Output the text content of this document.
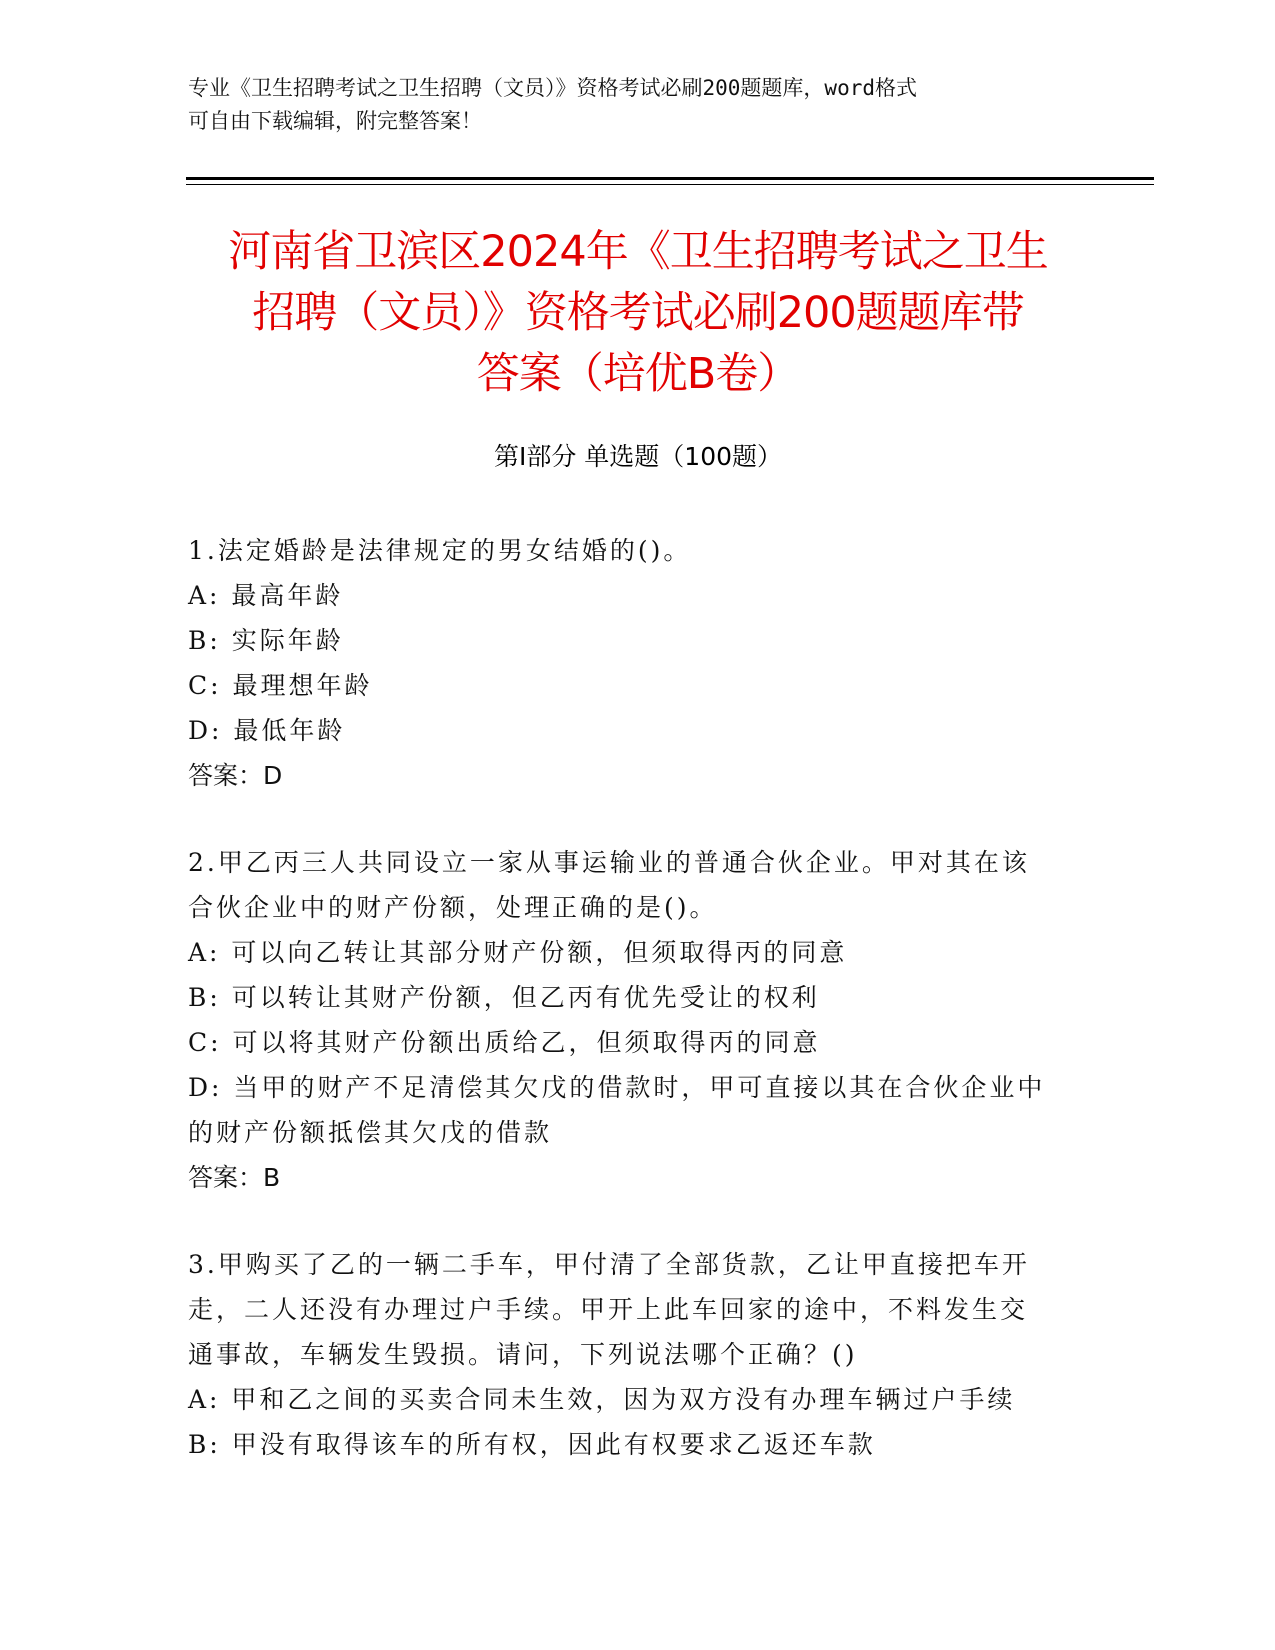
专业《卫生招聘考试之卫生招聘（文员）》资格考试必刷200题题库，word格式
可自由下载编辑，附完整答案！
河南省卫滨区2024年《卫生招聘考试之卫生
招聘（文员）》资格考试必刷200题题库带
答案（培优B卷）
第I部分 单选题（100题）
1.法定婚龄是法律规定的男女结婚的()。
A: 最高年龄
B: 实际年龄
C: 最理想年龄
D: 最低年龄
答案：D
2.甲乙丙三人共同设立一家从事运输业的普通合伙企业。甲对其在该
合伙企业中的财产份额，处理正确的是()。
A: 可以向乙转让其部分财产份额，但须取得丙的同意
B: 可以转让其财产份额，但乙丙有优先受让的权利
C: 可以将其财产份额出质给乙，但须取得丙的同意
D: 当甲的财产不足清偿其欠戊的借款时，甲可直接以其在合伙企业中
的财产份额抵偿其欠戊的借款
答案：B
3.甲购买了乙的一辆二手车，甲付清了全部货款，乙让甲直接把车开
走，二人还没有办理过户手续。甲开上此车回家的途中，不料发生交
通事故，车辆发生毁损。请问，下列说法哪个正确？()
A: 甲和乙之间的买卖合同未生效，因为双方没有办理车辆过户手续
B: 甲没有取得该车的所有权，因此有权要求乙返还车款
